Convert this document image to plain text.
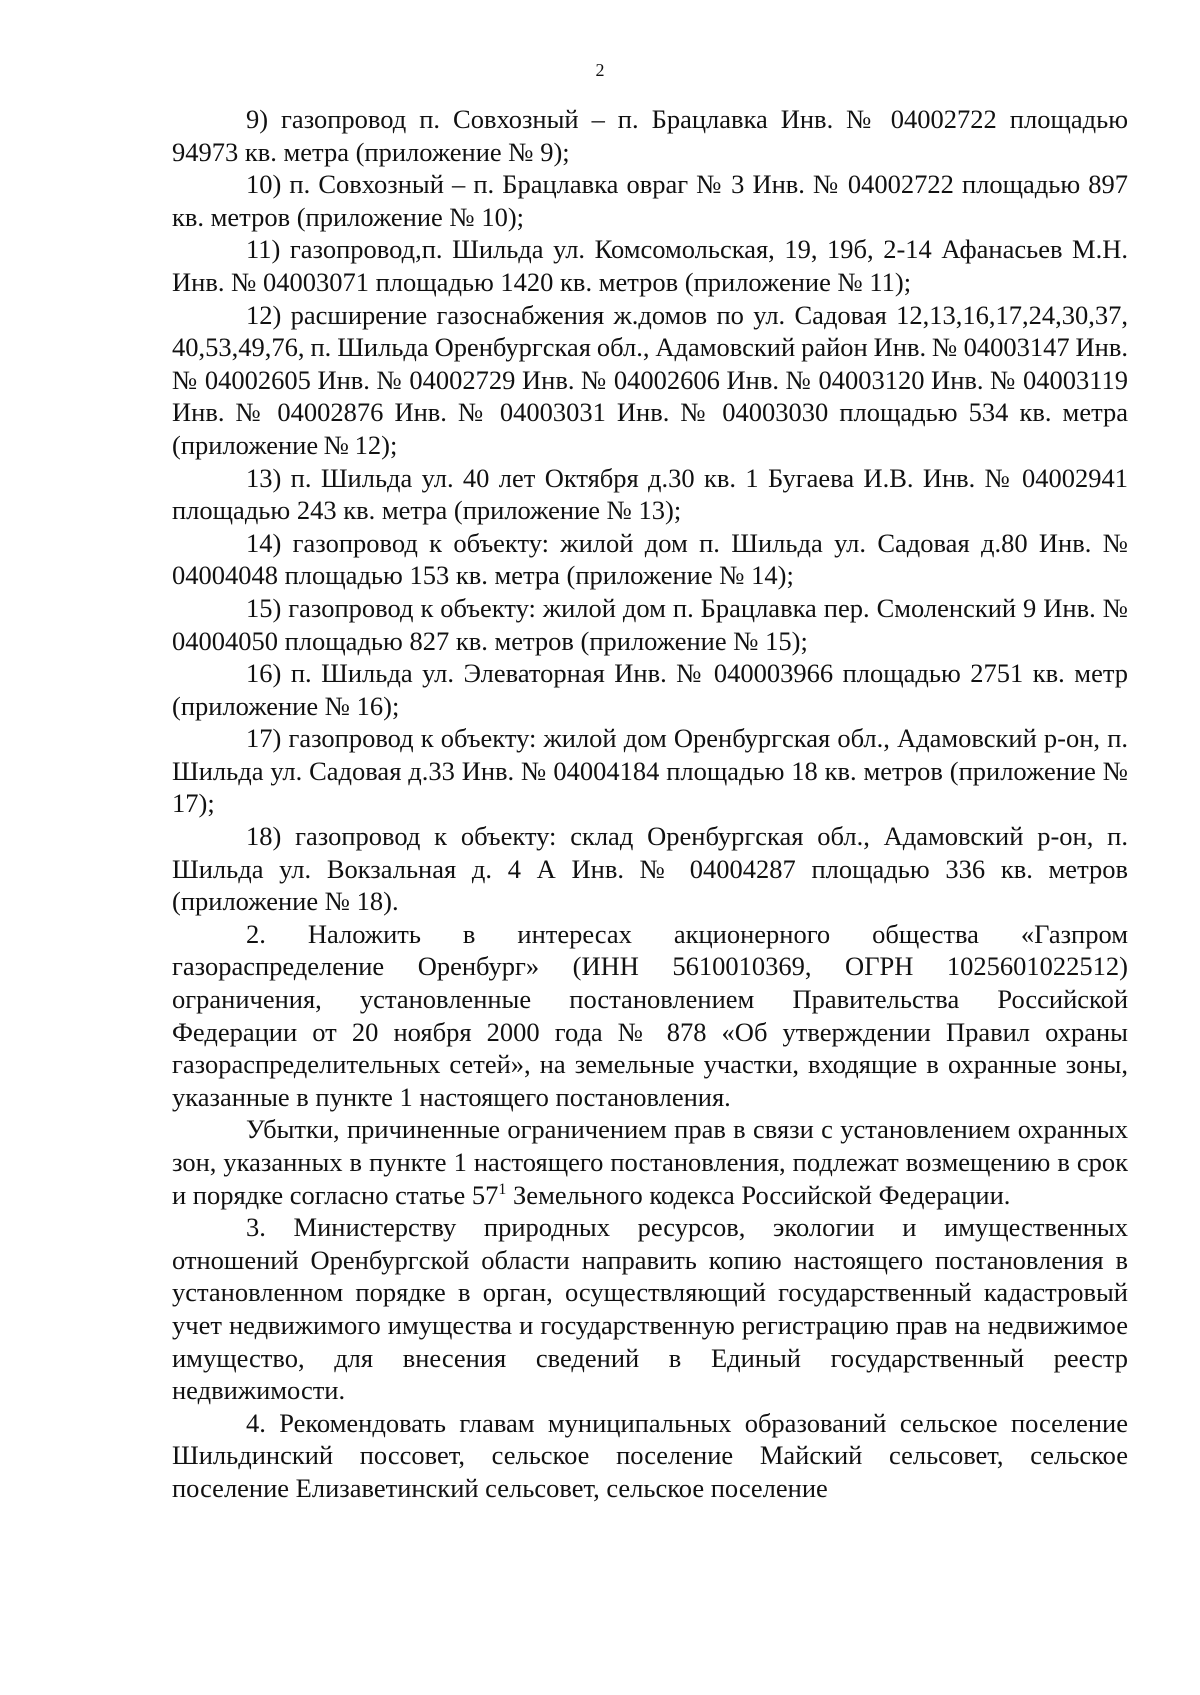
2

9) газопровод п. Совхозный – п. Брацлавка Инв. № 04002722 площадью 94973 кв. метра (приложение № 9);

10) п. Совхозный – п. Брацлавка овраг № 3 Инв. № 04002722 площадью 897 кв. метров (приложение № 10);

11) газопровод,п. Шильда ул. Комсомольская, 19, 19б, 2-14 Афанасьев М.Н. Инв. № 04003071 площадью 1420 кв. метров (приложение № 11);

12) расширение газоснабжения ж.домов по ул. Садовая 12,13,16,17,24,30,37, 40,53,49,76, п. Шильда Оренбургская обл., Адамовский район Инв. № 04003147 Инв. № 04002605 Инв. № 04002729 Инв. № 04002606 Инв. № 04003120 Инв. № 04003119 Инв. № 04002876 Инв. № 04003031 Инв. № 04003030 площадью 534 кв. метра (приложение № 12);

13) п. Шильда ул. 40 лет Октября д.30 кв. 1 Бугаева И.В. Инв. № 04002941 площадью 243 кв. метра (приложение № 13);

14) газопровод к объекту: жилой дом п. Шильда ул. Садовая д.80 Инв. № 04004048 площадью 153 кв. метра (приложение № 14);

15) газопровод к объекту: жилой дом п. Брацлавка пер. Смоленский 9 Инв. № 04004050 площадью 827 кв. метров (приложение № 15);

16) п. Шильда ул. Элеваторная Инв. № 040003966 площадью 2751 кв. метр (приложение № 16);

17) газопровод к объекту: жилой дом Оренбургская обл., Адамовский р-он, п. Шильда ул. Садовая д.33 Инв. № 04004184 площадью 18 кв. метров (приложение № 17);

18) газопровод к объекту: склад Оренбургская обл., Адамовский р-он, п. Шильда ул. Вокзальная д. 4 А Инв. № 04004287 площадью 336 кв. метров (приложение № 18).

2. Наложить в интересах акционерного общества «Газпром газораспределение Оренбург» (ИНН 5610010369, ОГРН 1025601022512) ограничения, установленные постановлением Правительства Российской Федерации от 20 ноября 2000 года № 878 «Об утверждении Правил охраны газораспределительных сетей», на земельные участки, входящие в охранные зоны, указанные в пункте 1 настоящего постановления.

Убытки, причиненные ограничением прав в связи с установлением охранных зон, указанных в пункте 1 настоящего постановления, подлежат возмещению в срок и порядке согласно статье $57^1$ Земельного кодекса Российской Федерации.

3. Министерству природных ресурсов, экологии и имущественных отношений Оренбургской области направить копию настоящего постановления в установленном порядке в орган, осуществляющий государственный кадастровый учет недвижимого имущества и государственную регистрацию прав на недвижимое имущество, для внесения сведений в Единый государственный реестр недвижимости.

4. Рекомендовать главам муниципальных образований сельское поселение Шильдинский поссовет, сельское поселение Майский сельсовет, сельское поселение Елизаветинский сельсовет, сельское поселение
